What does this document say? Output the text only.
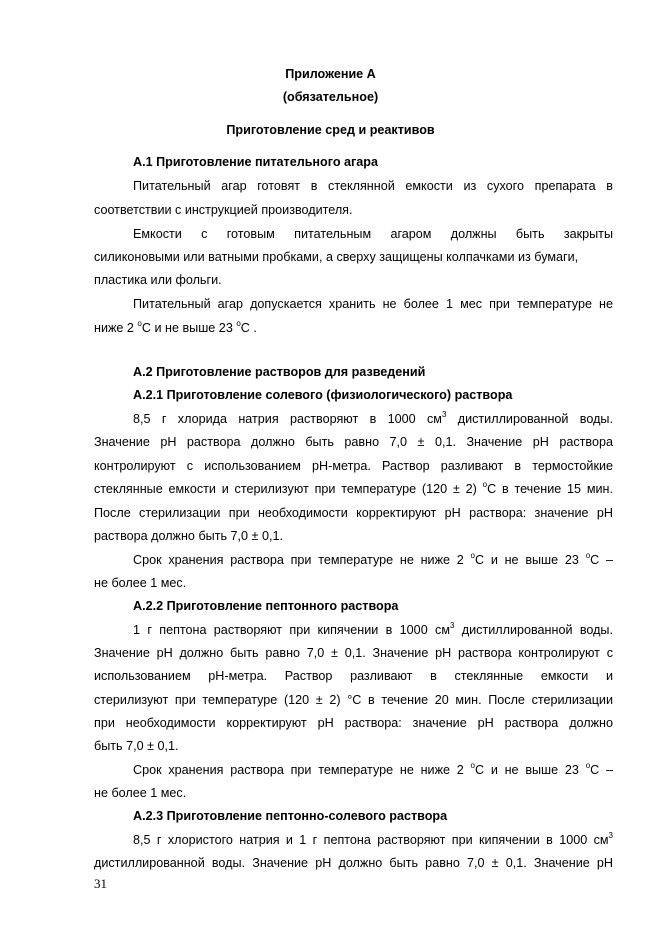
Приложение А
(обязательное)
Приготовление сред и реактивов
А.1 Приготовление питательного агара
Питательный агар готовят в стеклянной емкости из сухого препарата в
соответствии с инструкцией производителя.
Емкости с готовым питательным агаром должны быть закрыты
силиконовыми или ватными пробками, а сверху защищены колпачками из бумаги,
пластика или фольги.
Питательный агар допускается хранить не более 1 мес при температуре не
ниже 2 $^о$С и не выше 23 $^о$С .
А.2 Приготовление растворов для разведений
А.2.1 Приготовление солевого (физиологического) раствора
8,5 г хлорида натрия растворяют в 1000 $см^3$ дистиллированной воды.
Значение pH раствора должно быть равно 7,0 ± 0,1. Значение pH раствора
контролируют с использованием pH-метра. Раствор разливают в термостойкие
стеклянные емкости и стерилизуют при температуре (120 ± 2) $^о$С в течение 15 мин.
После стерилизации при необходимости корректируют pH раствора: значение pH
раствора должно быть 7,0 ± 0,1.
Срок хранения раствора при температуре не ниже 2 $^о$С и не выше 23 $^о$С –
не более 1 мес.
А.2.2 Приготовление пептонного раствора
1 г пептона растворяют при кипячении в 1000 $см^3$ дистиллированной воды.
Значение pH должно быть равно 7,0 ± 0,1. Значение pH раствора контролируют с
использованием pH-метра. Раствор разливают в стеклянные емкости и
стерилизуют при температуре (120 ± 2) °С в течение 20 мин. После стерилизации
при необходимости корректируют pH раствора: значение pH раствора должно
быть 7,0 ± 0,1.
Срок хранения раствора при температуре не ниже 2 $^о$С и не выше 23 $^о$С –
не более 1 мес.
А.2.3 Приготовление пептонно-солевого раствора
8,5 г хлористого натрия и 1 г пептона растворяют при кипячении в 1000 $см^3$
дистиллированной воды. Значение pH должно быть равно 7,0 ± 0,1. Значение pH
31
